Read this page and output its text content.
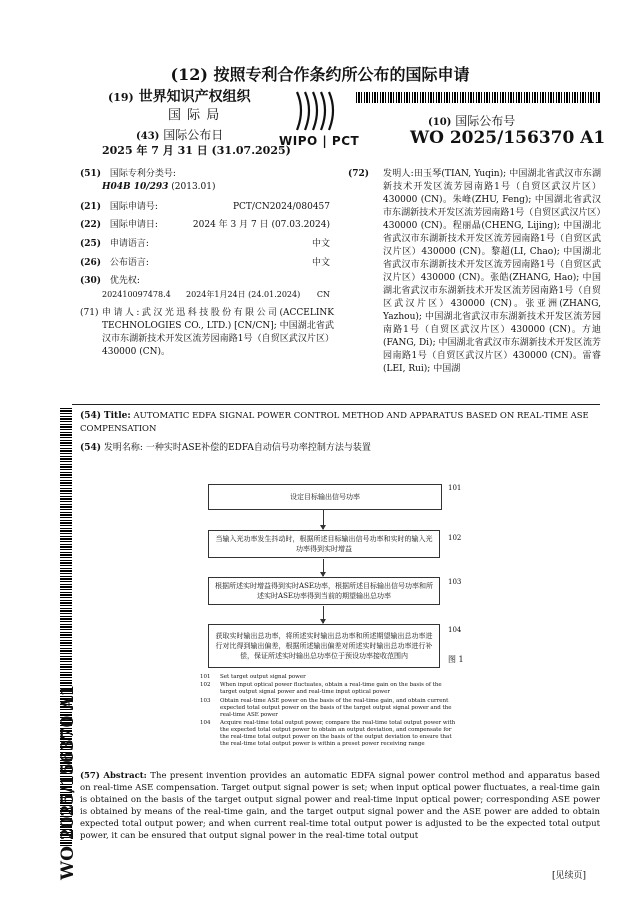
(12) 按照专利合作条约所公布的国际申请
(19) 世界知识产权组织
国 际 局
(43) 国际公布日
2025 年 7 月 31 日 (31.07.2025)
WIPO | PCT
(10) 国际公布号
WO 2025/156370 A1
(51) 国际专利分类号:
H04B 10/293 (2013.01)
(21) 国际申请号:	PCT/CN2024/080457
(22) 国际申请日:	2024 年 3 月 7 日 (07.03.2024)
(25) 申请语言:	中文
(26) 公布语言:	中文
(30) 优先权:
202410097478.4 2024年1月24日 (24.01.2024) CN
(71) 申请人:武汉光迅科技股份有限公司(ACCELINK TECHNOLOGIES CO., LTD.) [CN/CN]; 中国湖北省武汉市东湖新技术开发区流芳园南路1号（自贸区武汉片区）430000 (CN)。
(72) 发明人:田玉琴(TIAN, Yuqin); 中国湖北省武汉市东湖新技术开发区流芳园南路1号（自贸区武汉片区）430000 (CN)。朱峰(ZHU, Feng); 中国湖北省武汉市东湖新技术开发区流芳园南路1号（自贸区武汉片区）430000 (CN)。程丽晶(CHENG, Lijing); 中国湖北省武汉市东湖新技术开发区流芳园南路1号（自贸区武汉片区）430000 (CN)。黎超(LI, Chao); 中国湖北省武汉市东湖新技术开发区流芳园南路1号（自贸区武汉片区）430000 (CN)。张皓(ZHANG, Hao); 中国湖北省武汉市东湖新技术开发区流芳园南路1号（自贸区武汉片区）430000 (CN)。张亚洲(ZHANG, Yazhou); 中国湖北省武汉市东湖新技术开发区流芳园南路1号（自贸区武汉片区）430000 (CN)。方迪(FANG, Di); 中国湖北省武汉市东湖新技术开发区流芳园南路1号（自贸区武汉片区）430000 (CN)。雷睿(LEI, Rui); 中国湖
WO 2025/156370 A1
(54) Title: AUTOMATIC EDFA SIGNAL POWER CONTROL METHOD AND APPARATUS BASED ON REAL-TIME ASE COMPENSATION
(54) 发明名称: 一种实时ASE补偿的EDFA自动信号功率控制方法与装置
设定目标输出信号功率
101
当输入光功率发生抖动时，根据所述目标输出信号功率和实时的输入光功率得到实时增益
102
根据所述实时增益得到实时ASE功率，根据所述目标输出信号功率和所述实时ASE功率得到当前的期望输出总功率
103
获取实时输出总功率，将所述实时输出总功率和所述期望输出总功率进行对比得到输出偏差，根据所述输出偏差对所述实时输出总功率进行补偿，保证所述实时输出总功率位于预设功率接收范围内
104
图 1
101 Set target output signal power
102 When input optical power fluctuates, obtain a real-time gain on the basis of the target output signal power and real-time input optical power
103 Obtain real-time ASE power on the basis of the real-time gain, and obtain current expected total output power on the basis of the target output signal power and the real-time ASE power
104 Acquire real-time total output power, compare the real-time total output power with the expected total output power to obtain an output deviation, and compensate for the real-time total output power on the basis of the output deviation to ensure that the real-time total output power is within a preset power receiving range
(57) Abstract: The present invention provides an automatic EDFA signal power control method and apparatus based on real-time ASE compensation. Target output signal power is set; when input optical power fluctuates, a real-time gain is obtained on the basis of the target output signal power and real-time input optical power; corresponding ASE power is obtained by means of the real-time gain, and the target output signal power and the ASE power are added to obtain expected total output power; and when current real-time total output power is adjusted to be the expected total output power, it can be ensured that output signal power in the real-time total output
[见续页]
